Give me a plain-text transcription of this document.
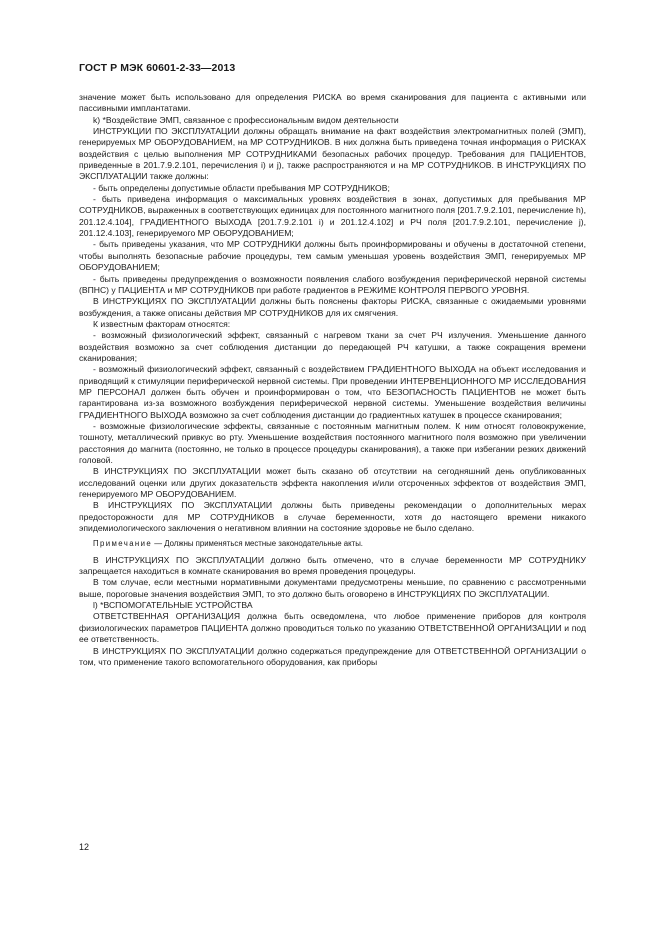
ГОСТ Р МЭК 60601-2-33—2013

значение может быть использовано для определения РИСКА во время сканирования для пациента с активными или пассивными имплантатами.

k) *Воздействие ЭМП, связанное с профессиональным видом деятельности

ИНСТРУКЦИИ ПО ЭКСПЛУАТАЦИИ должны обращать внимание на факт воздействия электромагнитных полей (ЭМП), генерируемых МР ОБОРУДОВАНИЕМ, на МР СОТРУДНИКОВ. В них должна быть приведена точная информация о РИСКАХ воздействия с целью выполнения МР СОТРУДНИКАМИ безопасных рабочих процедур. Требования для ПАЦИЕНТОВ, приведенные в 201.7.9.2.101, перечисления i) и j), также распространяются и на МР СОТРУДНИКОВ. В ИНСТРУКЦИЯХ ПО ЭКСПЛУАТАЦИИ также должны:

- быть определены допустимые области пребывания МР СОТРУДНИКОВ;

- быть приведена информация о максимальных уровнях воздействия в зонах, допустимых для пребывания МР СОТРУДНИКОВ, выраженных в соответствующих единицах для постоянного магнитного поля [201.7.9.2.101, перечисление h), 201.12.4.104], ГРАДИЕНТНОГО ВЫХОДА [201.7.9.2.101 i) и 201.12.4.102] и РЧ поля [201.7.9.2.101, перечисление j), 201.12.4.103], генерируемого МР ОБОРУДОВАНИЕМ;

- быть приведены указания, что МР СОТРУДНИКИ должны быть проинформированы и обучены в достаточной степени, чтобы выполнять безопасные рабочие процедуры, тем самым уменьшая уровень воздействия ЭМП, генерируемых МР ОБОРУДОВАНИЕМ;

- быть приведены предупреждения о возможности появления слабого возбуждения периферической нервной системы (ВПНС) у ПАЦИЕНТА и МР СОТРУДНИКОВ при работе градиентов в РЕЖИМЕ КОНТРОЛЯ ПЕРВОГО УРОВНЯ.

В ИНСТРУКЦИЯХ ПО ЭКСПЛУАТАЦИИ должны быть пояснены факторы РИСКА, связанные с ожидаемыми уровнями возбуждения, а также описаны действия МР СОТРУДНИКОВ для их смягчения.

К известным факторам относятся:

- возможный физиологический эффект, связанный с нагревом ткани за счет РЧ излучения. Уменьшение данного воздействия возможно за счет соблюдения дистанции до передающей РЧ катушки, а также сокращения времени сканирования;

- возможный физиологический эффект, связанный с воздействием ГРАДИЕНТНОГО ВЫХОДА на объект исследования и приводящий к стимуляции периферической нервной системы. При проведении ИНТЕРВЕНЦИОННОГО МР ИССЛЕДОВАНИЯ МР ПЕРСОНАЛ должен быть обучен и проинформирован о том, что БЕЗОПАСНОСТЬ ПАЦИЕНТОВ не может быть гарантирована из-за возможного возбуждения периферической нервной системы. Уменьшение воздействия величины ГРАДИЕНТНОГО ВЫХОДА возможно за счет соблюдения дистанции до градиентных катушек в процессе сканирования;

- возможные физиологические эффекты, связанные с постоянным магнитным полем. К ним относят головокружение, тошноту, металлический привкус во рту. Уменьшение воздействия постоянного магнитного поля возможно при увеличении расстояния до магнита (постоянно, не только в процессе процедуры сканирования), а также при избегании резких движений головой.

В ИНСТРУКЦИЯХ ПО ЭКСПЛУАТАЦИИ может быть сказано об отсутствии на сегодняшний день опубликованных исследований оценки или других доказательств эффекта накопления и/или отсроченных эффектов от воздействия ЭМП, генерируемого МР ОБОРУДОВАНИЕМ.

В ИНСТРУКЦИЯХ ПО ЭКСПЛУАТАЦИИ должны быть приведены рекомендации о дополнительных мерах предосторожности для МР СОТРУДНИКОВ в случае беременности, хотя до настоящего времени никакого эпидемиологического заключения о негативном влиянии на состояние здоровье не было сделано.

Примечание — Должны применяться местные законодательные акты.

В ИНСТРУКЦИЯХ ПО ЭКСПЛУАТАЦИИ должно быть отмечено, что в случае беременности МР СОТРУДНИКУ запрещается находиться в комнате сканирования во время проведения процедуры.

В том случае, если местными нормативными документами предусмотрены меньшие, по сравнению с рассмотренными выше, пороговые значения воздействия ЭМП, то это должно быть оговорено в ИНСТРУКЦИЯХ ПО ЭКСПЛУАТАЦИИ.

l) *ВСПОМОГАТЕЛЬНЫЕ УСТРОЙСТВА

ОТВЕТСТВЕННАЯ ОРГАНИЗАЦИЯ должна быть осведомлена, что любое применение приборов для контроля физиологических параметров ПАЦИЕНТА должно проводиться только по указанию ОТВЕТСТВЕННОЙ ОРГАНИЗАЦИИ и под ее ответственность.

В ИНСТРУКЦИЯХ ПО ЭКСПЛУАТАЦИИ должно содержаться предупреждение для ОТВЕТСТВЕННОЙ ОРГАНИЗАЦИИ о том, что применение такого вспомогательного оборудования, как приборы

12
